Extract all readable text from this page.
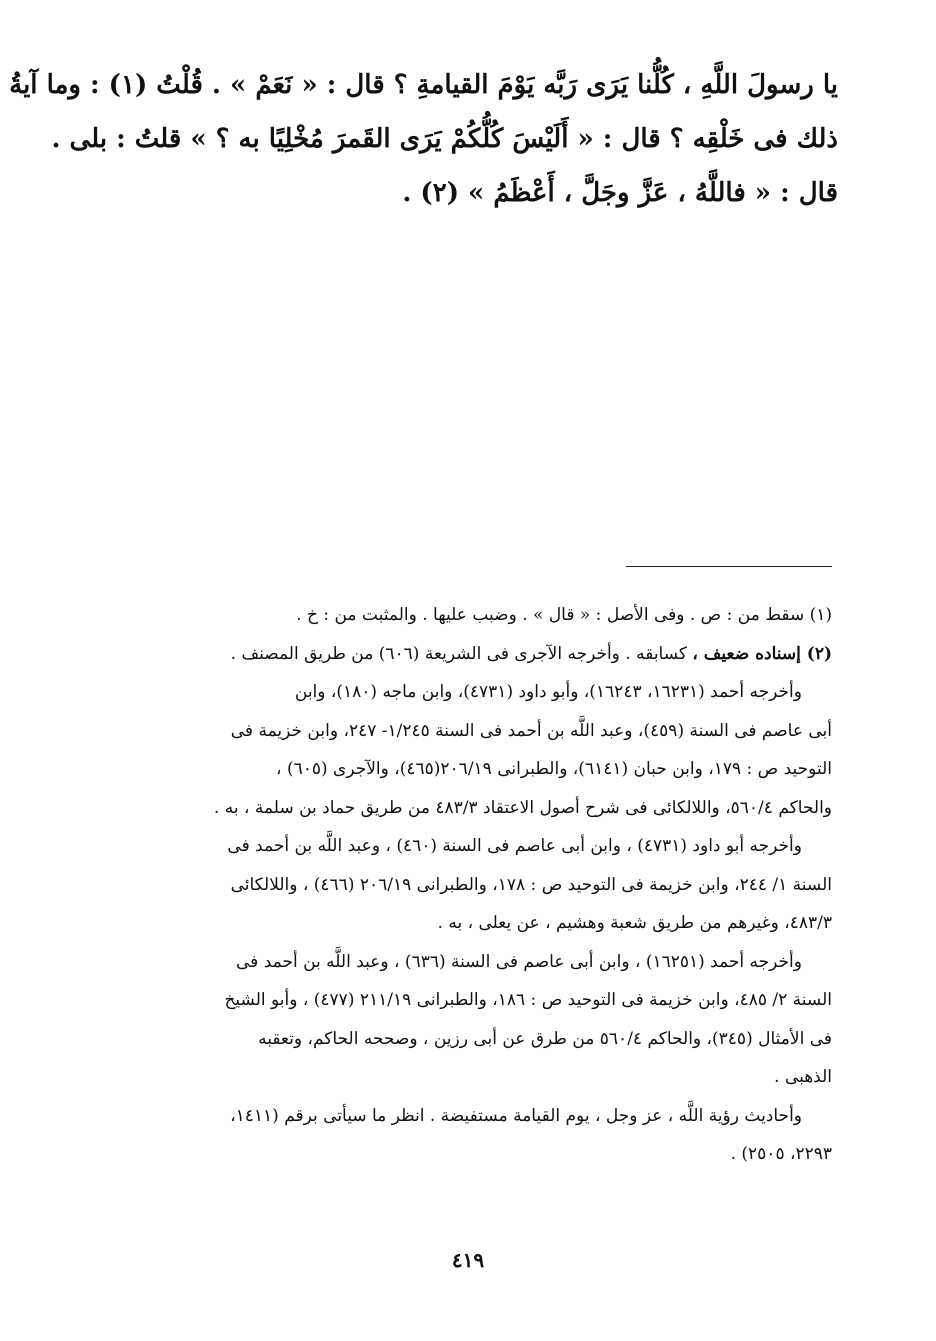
يا رسولَ اللَّهِ ، كُلُّنا يَرَى رَبَّه يَوْمَ القيامةِ ؟ قال : « نَعَمْ » . قُلْتُ (١) : وما آيةُ
ذلك فى خَلْقِه ؟ قال : « أَلَيْسَ كُلُّكُمْ يَرَى القَمرَ مُخْلِيًا به ؟ » قلتُ : بلى .
قال : « فاللَّهُ ، عَزَّ وجَلَّ ، أَعْظَمُ » (٢) .
(١) سقط من : ص . وفى الأصل : « قال » . وضبب عليها . والمثبت من : خ .
(٢) إسناده ضعيف ، كسابقه . وأخرجه الآجرى فى الشريعة (٦٠٦) من طريق المصنف .
وأخرجه أحمد (١٦٢٣١، ١٦٢٤٣)، وأبو داود (٤٧٣١)، وابن ماجه (١٨٠)، وابن
أبى عاصم فى السنة (٤٥٩)، وعبد اللَّه بن أحمد فى السنة ١/٢٤٥- ٢٤٧، وابن خزيمة فى
التوحيد ص : ١٧٩، وابن حبان (٦١٤١)، والطبرانى ٢٠٦/١٩(٤٦٥)، والآجرى (٦٠٥) ،
والحاكم ٥٦٠/٤، واللالكائى فى شرح أصول الاعتقاد ٤٨٣/٣ من طريق حماد بن سلمة ، به .
وأخرجه أبو داود (٤٧٣١) ، وابن أبى عاصم فى السنة (٤٦٠) ، وعبد اللَّه بن أحمد فى
السنة ١/ ٢٤٤، وابن خزيمة فى التوحيد ص : ١٧٨، والطبرانى ٢٠٦/١٩ (٤٦٦) ، واللالكائى
٤٨٣/٣، وغيرهم من طريق شعبة وهشيم ، عن يعلى ، به .
وأخرجه أحمد (١٦٢٥١) ، وابن أبى عاصم فى السنة (٦٣٦) ، وعبد اللَّه بن أحمد فى
السنة ٢/ ٤٨٥، وابن خزيمة فى التوحيد ص : ١٨٦، والطبرانى ٢١١/١٩ (٤٧٧) ، وأبو الشيخ
فى الأمثال (٣٤٥)، والحاكم ٥٦٠/٤ من طرق عن أبى رزين ، وصححه الحاكم، وتعقبه
الذهبى .
وأحاديث رؤية اللَّه ، عز وجل ، يوم القيامة مستفيضة . انظر ما سيأتى برقم (١٤١١،
٢٢٩٣، ٢٥٠٥) .
٤١٩
